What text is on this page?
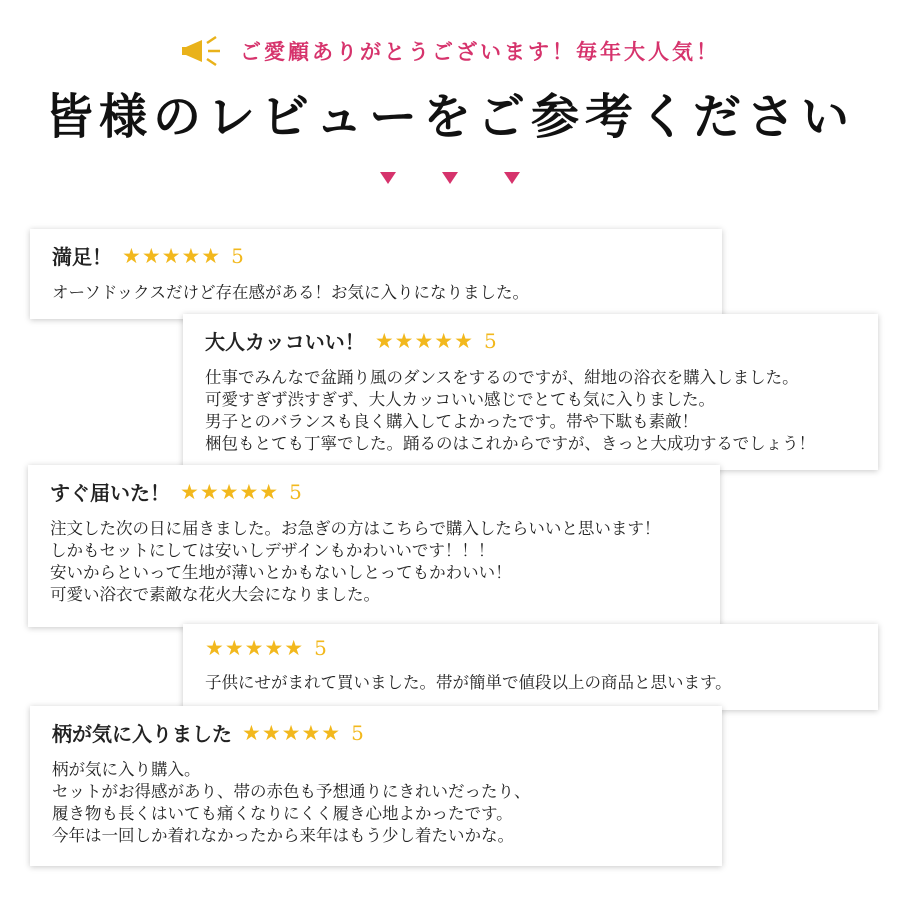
ご愛顧ありがとうございます！毎年大人気！
皆様のレビューをご参考ください
満足！ ★★★★★ 5
オーソドックスだけど存在感がある！お気に入りになりました。
大人カッコいい！ ★★★★★ 5
仕事でみんなで盆踊り風のダンスをするのですが、紺地の浴衣を購入しました。
可愛すぎず渋すぎず、大人カッコいい感じでとても気に入りました。
男子とのバランスも良く購入してよかったです。帯や下駄も素敵！
梱包もとても丁寧でした。踊るのはこれからですが、きっと大成功するでしょう！
すぐ届いた！ ★★★★★ 5
注文した次の日に届きました。お急ぎの方はこちらで購入したらいいと思います！
しかもセットにしては安いしデザインもかわいいです！！！
安いからといって生地が薄いとかもないしとってもかわいい！
可愛い浴衣で素敵な花火大会になりました。
★★★★★ 5
子供にせがまれて買いました。帯が簡単で値段以上の商品と思います。
柄が気に入りました ★★★★★ 5
柄が気に入り購入。
セットがお得感があり、帯の赤色も予想通りにきれいだったり、
履き物も長くはいても痛くなりにくく履き心地よかったです。
今年は一回しか着れなかったから来年はもう少し着たいかな。
